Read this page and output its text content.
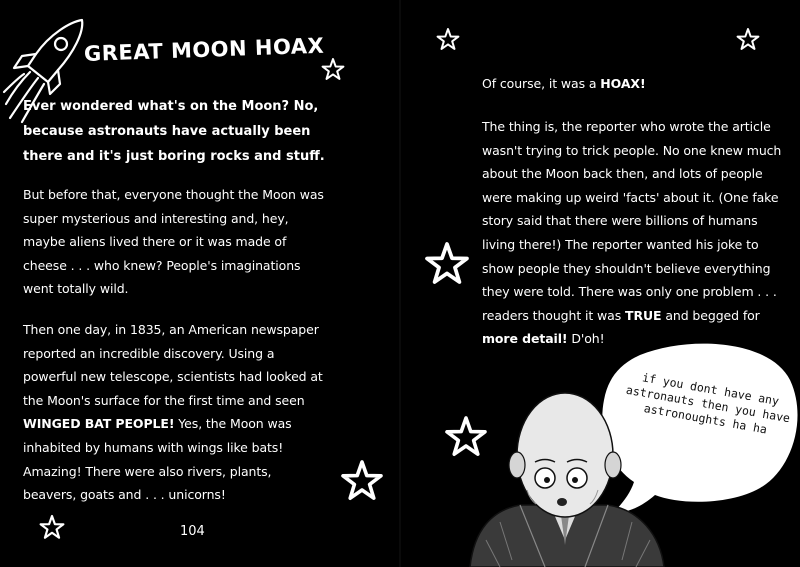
GREAT MOON HOAX

Ever wondered what's on the Moon? No, because astronauts have actually been there and it's just boring rocks and stuff.

But before that, everyone thought the Moon was super mysterious and interesting and, hey, maybe aliens lived there or it was made of cheese . . . who knew? People's imaginations went totally wild.

Then one day, in 1835, an American newspaper reported an incredible discovery. Using a powerful new telescope, scientists had looked at the Moon's surface for the first time and seen WINGED BAT PEOPLE! Yes, the Moon was inhabited by humans with wings like bats! Amazing! There were also rivers, plants, beavers, goats and . . . unicorns!

104

Of course, it was a HOAX!

The thing is, the reporter who wrote the article wasn't trying to trick people. No one knew much about the Moon back then, and lots of people were making up weird 'facts' about it. (One fake story said that there were billions of humans living there!) The reporter wanted his joke to show people they shouldn't believe everything they were told. There was only one problem . . . readers thought it was TRUE and begged for more detail! D'oh!

if you dont have any astronauts then you have astronoughts ha ha
